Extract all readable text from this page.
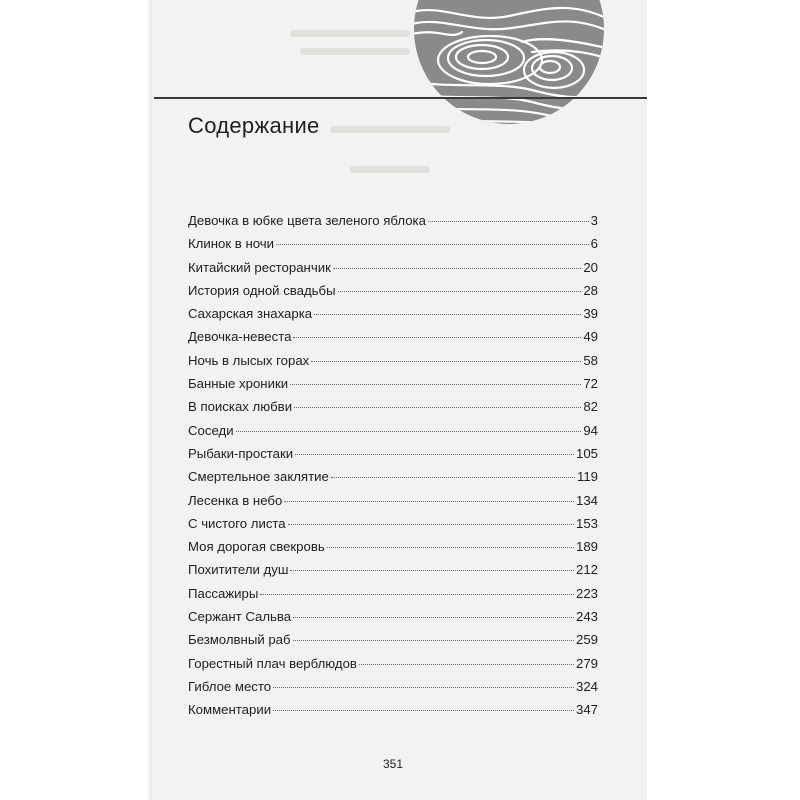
Содержание
Девочка в юбке цвета зеленого яблока	3
Клинок в ночи	6
Китайский ресторанчик	20
История одной свадьбы	28
Сахарская знахарка	39
Девочка-невеста	49
Ночь в лысых горах	58
Банные хроники	72
В поисках любви	82
Соседи	94
Рыбаки-простаки	105
Смертельное заклятие	119
Лесенка в небо	134
С чистого листа	153
Моя дорогая свекровь	189
Похитители душ	212
Пассажиры	223
Сержант Сальва	243
Безмолвный раб	259
Горестный плач верблюдов	279
Гиблое место	324
Комментарии	347
351
